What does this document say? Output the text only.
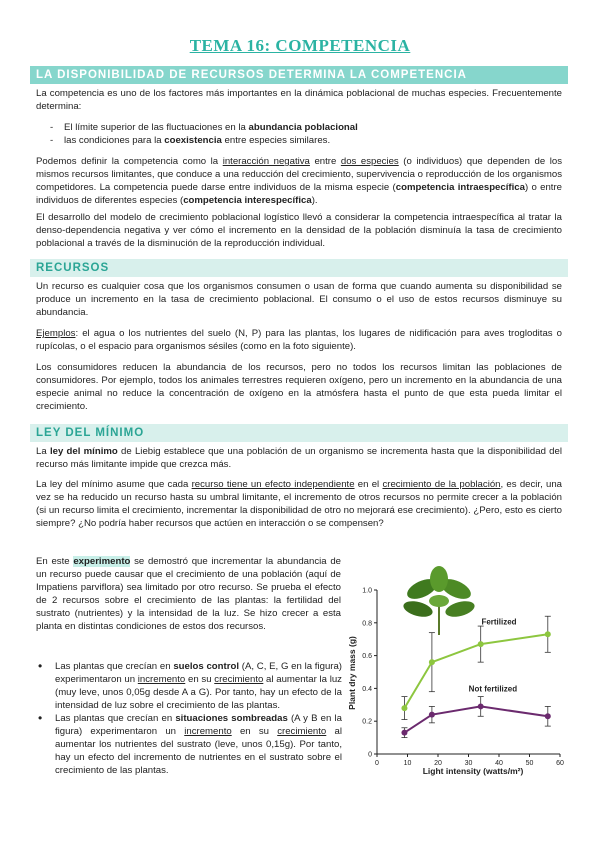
TEMA 16: COMPETENCIA
LA DISPONIBILIDAD DE RECURSOS DETERMINA LA COMPETENCIA

La competencia es uno de los factores más importantes en la dinámica poblacional de muchas especies. Frecuentemente determina:

- El límite superior de las fluctuaciones en la abundancia poblacional
- las condiciones para la coexistencia entre especies similares.

Podemos definir la competencia como la interacción negativa entre dos especies (o individuos) que dependen de los mismos recursos limitantes, que conduce a una reducción del crecimiento, supervivencia o reproducción de los organismos competidores. La competencia puede darse entre individuos de la misma especie (competencia intraespecífica) o entre individuos de diferentes especies (competencia interespecífica).

El desarrollo del modelo de crecimiento poblacional logístico llevó a considerar la competencia intraespecífica al tratar la denso-dependencia negativa y ver cómo el incremento en la densidad de la población disminuía la tasa de crecimiento poblacional a través de la disminución de la reproducción individual.

RECURSOS

Un recurso es cualquier cosa que los organismos consumen o usan de forma que cuando aumenta su disponibilidad se produce un incremento en la tasa de crecimiento poblacional. El consumo o el uso de estos recursos disminuye su abundancia.

Ejemplos: el agua o los nutrientes del suelo (N, P) para las plantas, los lugares de nidificación para aves trogloditas o rupícolas, o el espacio para organismos sésiles (como en la foto siguiente).

Los consumidores reducen la abundancia de los recursos, pero no todos los recursos limitan las poblaciones de consumidores. Por ejemplo, todos los animales terrestres requieren oxígeno, pero un incremento en la abundancia de una especie animal no reduce la concentración de oxígeno en la atmósfera hasta el punto de que esta pueda limitar el crecimiento.

LEY DEL MÍNIMO

La ley del mínimo de Liebig establece que una población de un organismo se incrementa hasta que la disponibilidad del recurso más limitante impide que crezca más.

La ley del mínimo asume que cada recurso tiene un efecto independiente en el crecimiento de la población, es decir, una vez se ha reducido un recurso hasta su umbral limitante, el incremento de otros recursos no permite crecer a la población (si un recurso limita el crecimiento, incrementar la disponibilidad de otro no mejorará ese crecimiento). ¿Pero, esto es cierto siempre? ¿No podría haber recursos que actúen en interacción o se compensen?

En este experimento se demostró que incrementar la abundancia de un recurso puede causar que el crecimiento de una población (aquí de Impatiens parviflora) sea limitado por otro recurso. Se prueba el efecto de 2 recursos sobre el crecimiento de las plantas: la fertilidad del sustrato (nutrientes) y la intensidad de la luz. Se hizo crecer a esta planta en distintas condiciones de estos dos recursos.

• Las plantas que crecían en suelos control (A, C, E, G en la figura) experimentaron un incremento en su crecimiento al aumentar la luz (muy leve, unos 0,05g desde A a G). Por tanto, hay un efecto de la intensidad de luz sobre el crecimiento de las plantas.
• Las plantas que crecían en situaciones sombreadas (A y B en la figura) experimentaron un incremento en su crecimiento al aumentar los nutrientes del sustrato (leve, unos 0,15g). Por tanto, hay un efecto del incremento de nutrientes en el sustrato sobre el crecimiento de las plantas.
0
0.2
0.4
0.6
0.8
1.0
0	10	20	30	40	50	60
Fertilized
Not fertilized
Light intensity (watts/m²)
Plant dry mass (g)
